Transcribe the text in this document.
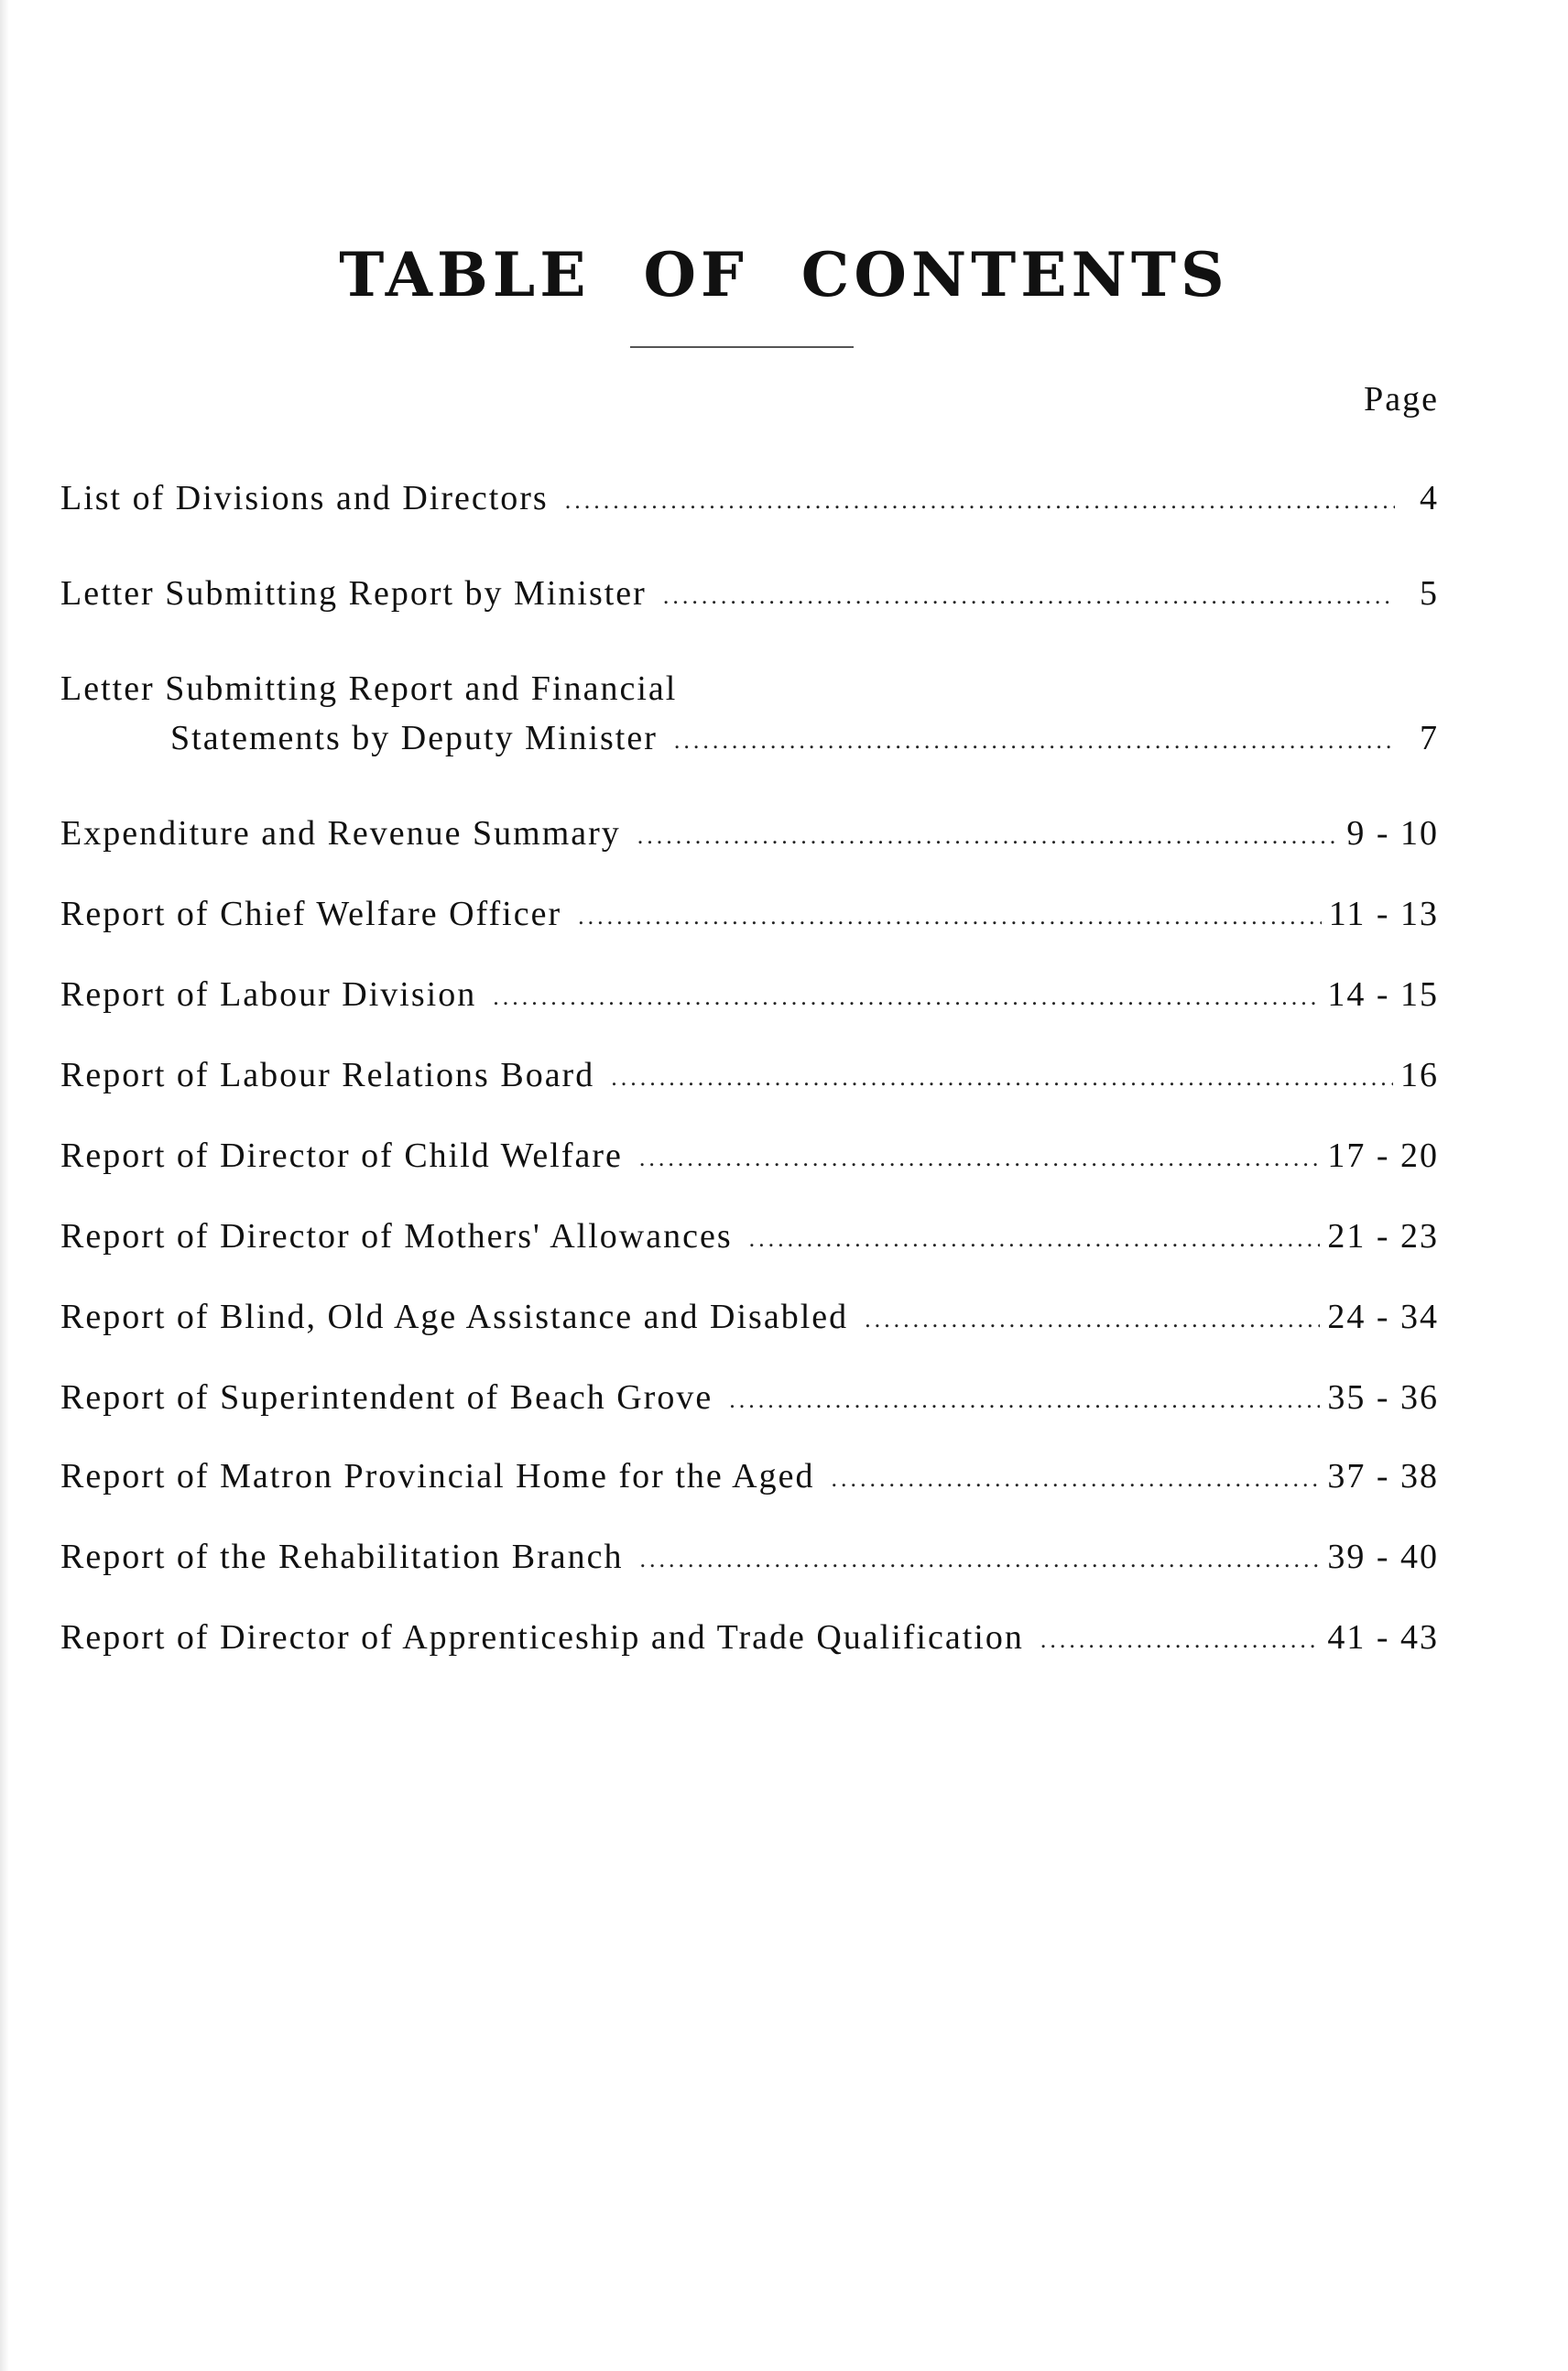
TABLE OF CONTENTS
Page
List of Divisions and Directors .....	4
Letter Submitting Report by Minister .....	5
Letter Submitting Report and Financial
Statements by Deputy Minister .....	7
Expenditure and Revenue Summary .....	9 - 10
Report of Chief Welfare Officer .....	11 - 13
Report of Labour Division .....	14 - 15
Report of Labour Relations Board .....	16
Report of Director of Child Welfare .....	17 - 20
Report of Director of Mothers' Allowances .....	21 - 23
Report of Blind, Old Age Assistance and Disabled .....	24 - 34
Report of Superintendent of Beach Grove .....	35 - 36
Report of Matron Provincial Home for the Aged .....	37 - 38
Report of the Rehabilitation Branch .....	39 - 40
Report of Director of Apprenticeship and Trade Qualification .....	41 - 43
